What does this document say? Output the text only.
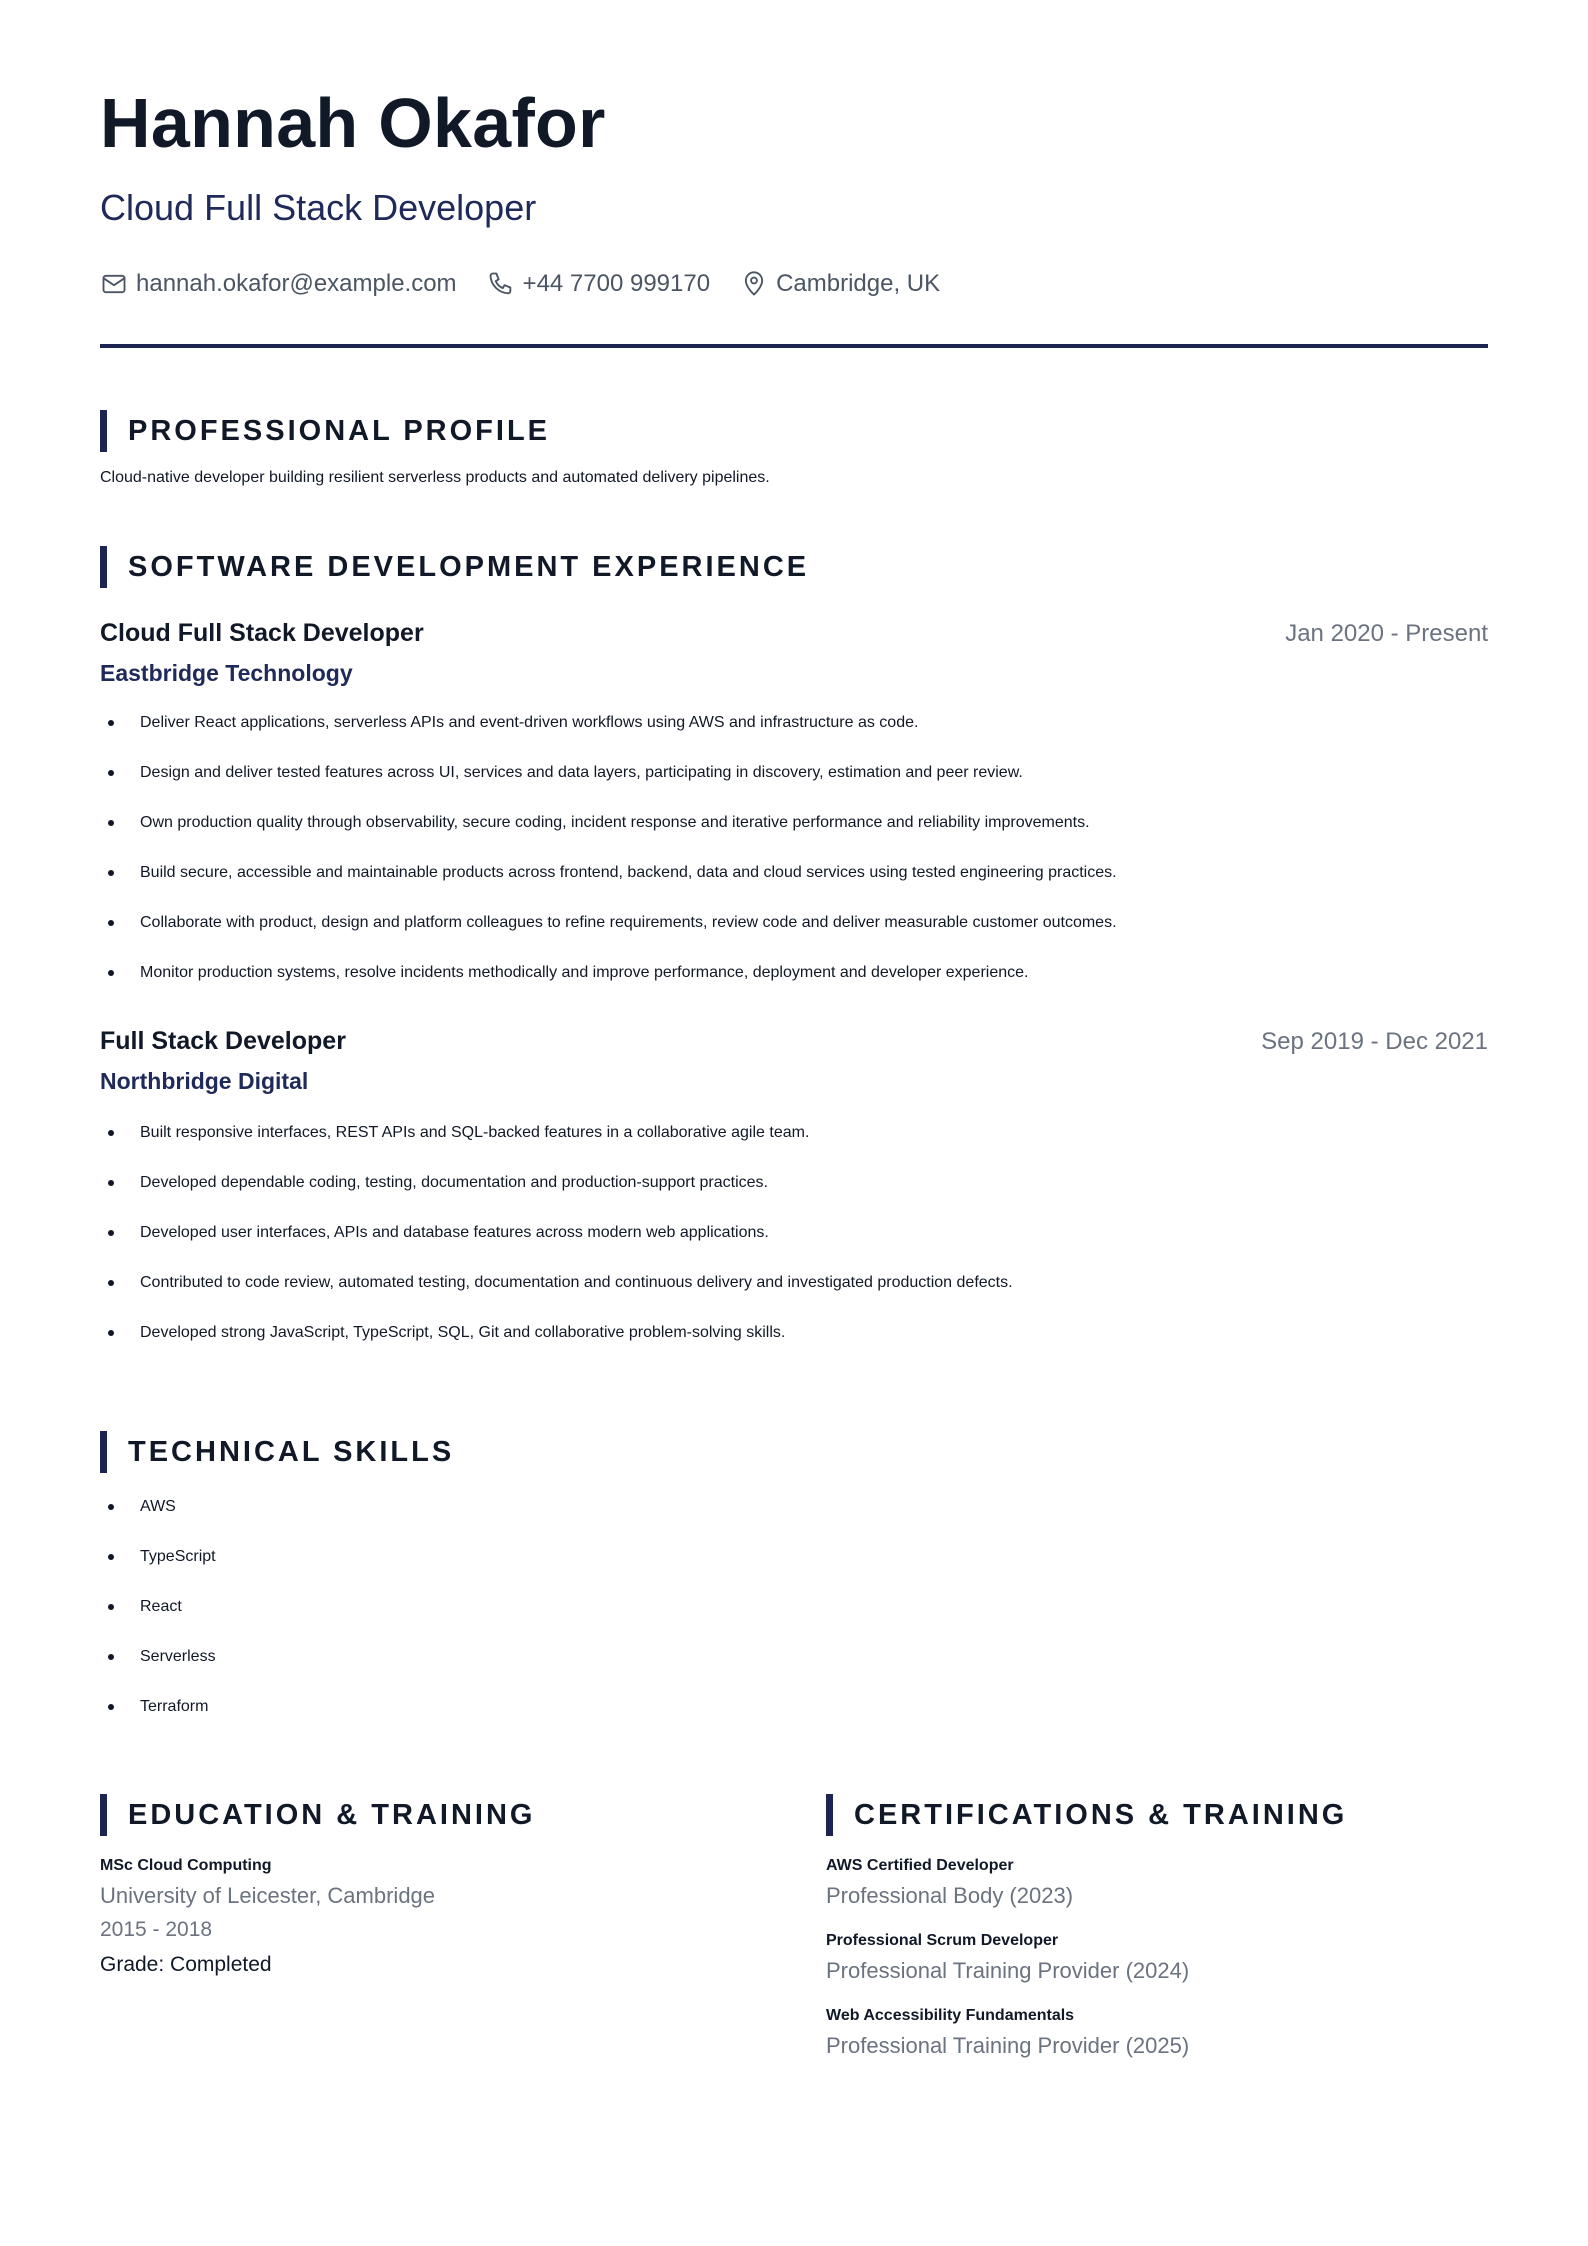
Hannah Okafor
Cloud Full Stack Developer
hannah.okafor@example.com	+44 7700 999170	Cambridge, UK
PROFESSIONAL PROFILE
Cloud-native developer building resilient serverless products and automated delivery pipelines.
SOFTWARE DEVELOPMENT EXPERIENCE
Cloud Full Stack Developer	Jan 2020 - Present
Eastbridge Technology
Deliver React applications, serverless APIs and event-driven workflows using AWS and infrastructure as code.
Design and deliver tested features across UI, services and data layers, participating in discovery, estimation and peer review.
Own production quality through observability, secure coding, incident response and iterative performance and reliability improvements.
Build secure, accessible and maintainable products across frontend, backend, data and cloud services using tested engineering practices.
Collaborate with product, design and platform colleagues to refine requirements, review code and deliver measurable customer outcomes.
Monitor production systems, resolve incidents methodically and improve performance, deployment and developer experience.
Full Stack Developer	Sep 2019 - Dec 2021
Northbridge Digital
Built responsive interfaces, REST APIs and SQL-backed features in a collaborative agile team.
Developed dependable coding, testing, documentation and production-support practices.
Developed user interfaces, APIs and database features across modern web applications.
Contributed to code review, automated testing, documentation and continuous delivery and investigated production defects.
Developed strong JavaScript, TypeScript, SQL, Git and collaborative problem-solving skills.
TECHNICAL SKILLS
AWS
TypeScript
React
Serverless
Terraform
EDUCATION & TRAINING
MSc Cloud Computing
University of Leicester, Cambridge
2015 - 2018
Grade: Completed
CERTIFICATIONS & TRAINING
AWS Certified Developer
Professional Body (2023)
Professional Scrum Developer
Professional Training Provider (2024)
Web Accessibility Fundamentals
Professional Training Provider (2025)
